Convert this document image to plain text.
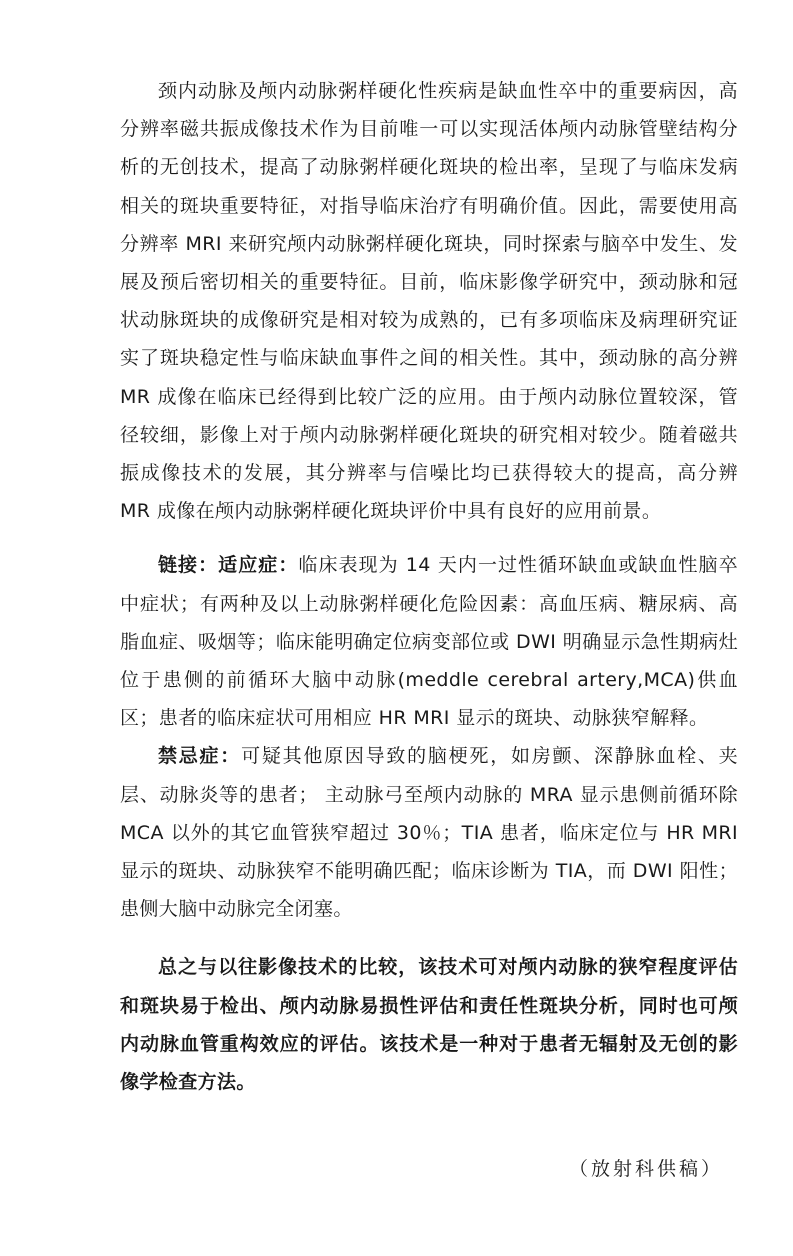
颈内动脉及颅内动脉粥样硬化性疾病是缺血性卒中的重要病因，高分辨率磁共振成像技术作为目前唯一可以实现活体颅内动脉管壁结构分析的无创技术，提高了动脉粥样硬化斑块的检出率，呈现了与临床发病相关的斑块重要特征，对指导临床治疗有明确价值。因此，需要使用高分辨率 MRI 来研究颅内动脉粥样硬化斑块，同时探索与脑卒中发生、发展及预后密切相关的重要特征。目前，临床影像学研究中，颈动脉和冠状动脉斑块的成像研究是相对较为成熟的，已有多项临床及病理研究证实了斑块稳定性与临床缺血事件之间的相关性。其中，颈动脉的高分辨 MR 成像在临床已经得到比较广泛的应用。由于颅内动脉位置较深，管径较细，影像上对于颅内动脉粥样硬化斑块的研究相对较少。随着磁共振成像技术的发展，其分辨率与信噪比均已获得较大的提高，高分辨 MR 成像在颅内动脉粥样硬化斑块评价中具有良好的应用前景。

链接：适应症：临床表现为 14 天内一过性循环缺血或缺血性脑卒中症状；有两种及以上动脉粥样硬化危险因素：高血压病、糖尿病、高脂血症、吸烟等；临床能明确定位病变部位或 DWI 明确显示急性期病灶位于患侧的前循环大脑中动脉(meddle cerebral artery,MCA)供血区；患者的临床症状可用相应 HR MRI 显示的斑块、动脉狭窄解释。

禁忌症：可疑其他原因导致的脑梗死，如房颤、深静脉血栓、夹层、动脉炎等的患者； 主动脉弓至颅内动脉的 MRA 显示患侧前循环除 MCA 以外的其它血管狭窄超过 30％；TIA 患者，临床定位与 HR MRI 显示的斑块、动脉狭窄不能明确匹配；临床诊断为 TIA，而 DWI 阳性；患侧大脑中动脉完全闭塞。

总之与以往影像技术的比较，该技术可对颅内动脉的狭窄程度评估和斑块易于检出、颅内动脉易损性评估和责任性斑块分析，同时也可颅内动脉血管重构效应的评估。该技术是一种对于患者无辐射及无创的影像学检查方法。

（放射科供稿）
